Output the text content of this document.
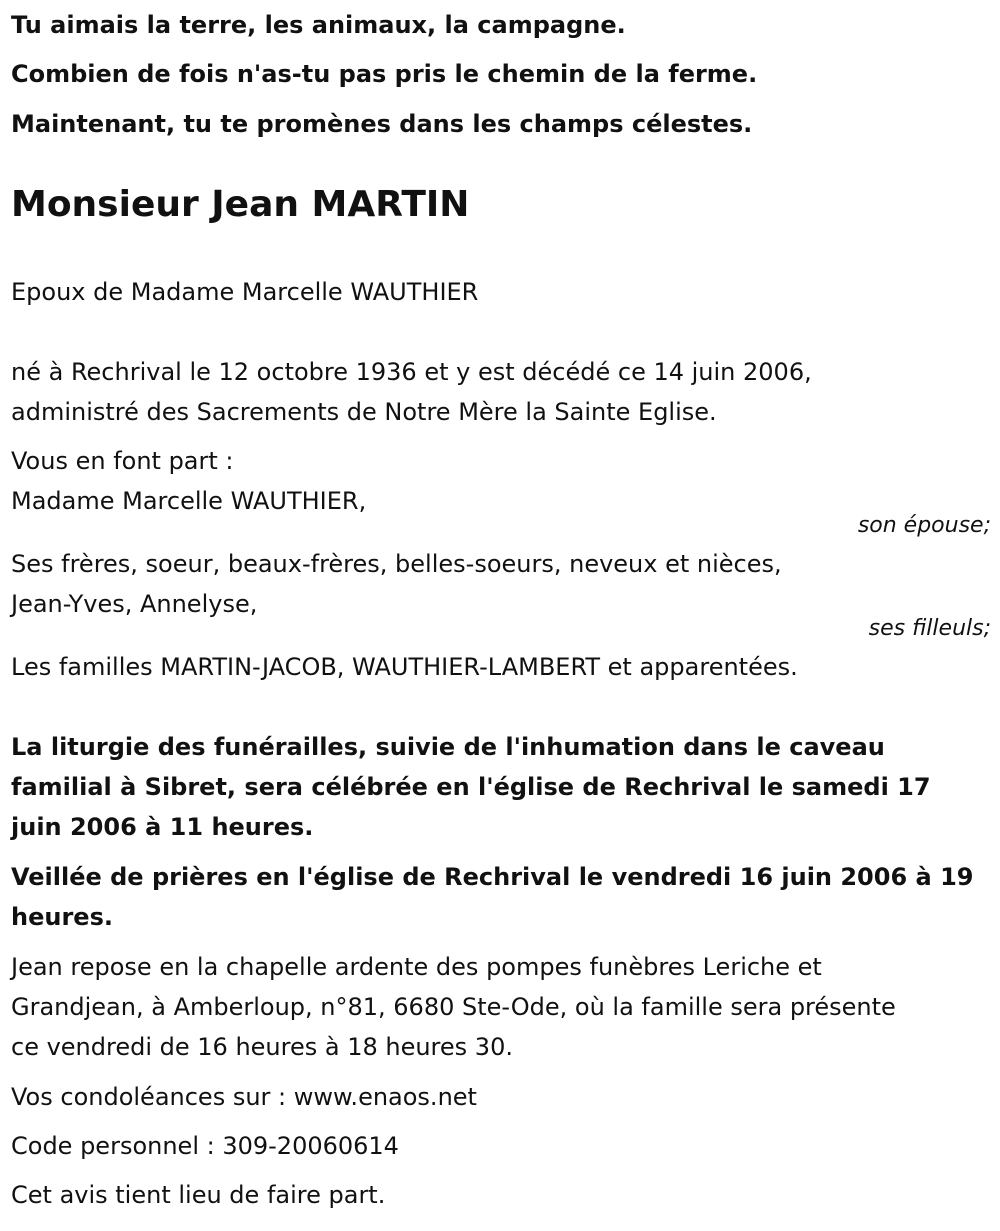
Tu aimais la terre, les animaux, la campagne.
Combien de fois n'as-tu pas pris le chemin de la ferme.
Maintenant, tu te promènes dans les champs célestes.
Monsieur Jean MARTIN
Epoux de Madame Marcelle WAUTHIER
né à Rechrival le 12 octobre 1936 et y est décédé ce 14 juin 2006,
administré des Sacrements de Notre Mère la Sainte Eglise.
Vous en font part :
Madame Marcelle WAUTHIER,
son épouse;
Ses frères, soeur, beaux-frères, belles-soeurs, neveux et nièces,
Jean-Yves, Annelyse,
ses filleuls;
Les familles MARTIN-JACOB, WAUTHIER-LAMBERT et apparentées.
La liturgie des funérailles, suivie de l'inhumation dans le caveau
familial à Sibret, sera célébrée en l'église de Rechrival le samedi 17
juin 2006 à 11 heures.
Veillée de prières en l'église de Rechrival le vendredi 16 juin 2006 à 19
heures.
Jean repose en la chapelle ardente des pompes funèbres Leriche et
Grandjean, à Amberloup, n°81, 6680 Ste-Ode, où la famille sera présente
ce vendredi de 16 heures à 18 heures 30.
Vos condoléances sur : www.enaos.net
Code personnel : 309-20060614
Cet avis tient lieu de faire part.
